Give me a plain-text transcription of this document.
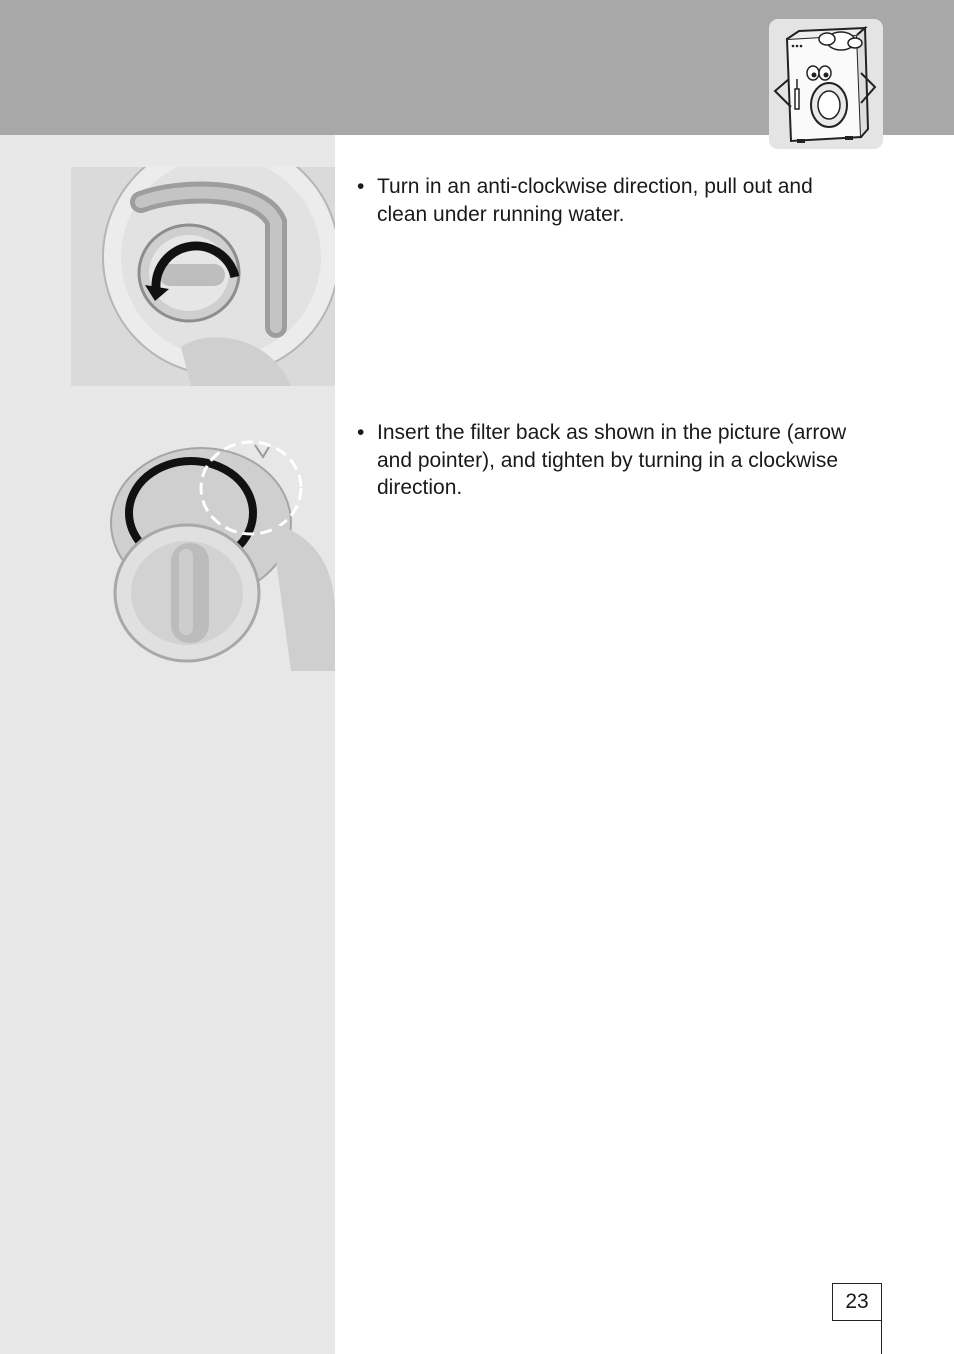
• Turn in an anti-clockwise direction, pull out and clean under running water.
• Insert the filter back as shown in the picture (arrow and pointer), and tighten by turning in a clockwise direction.
23
